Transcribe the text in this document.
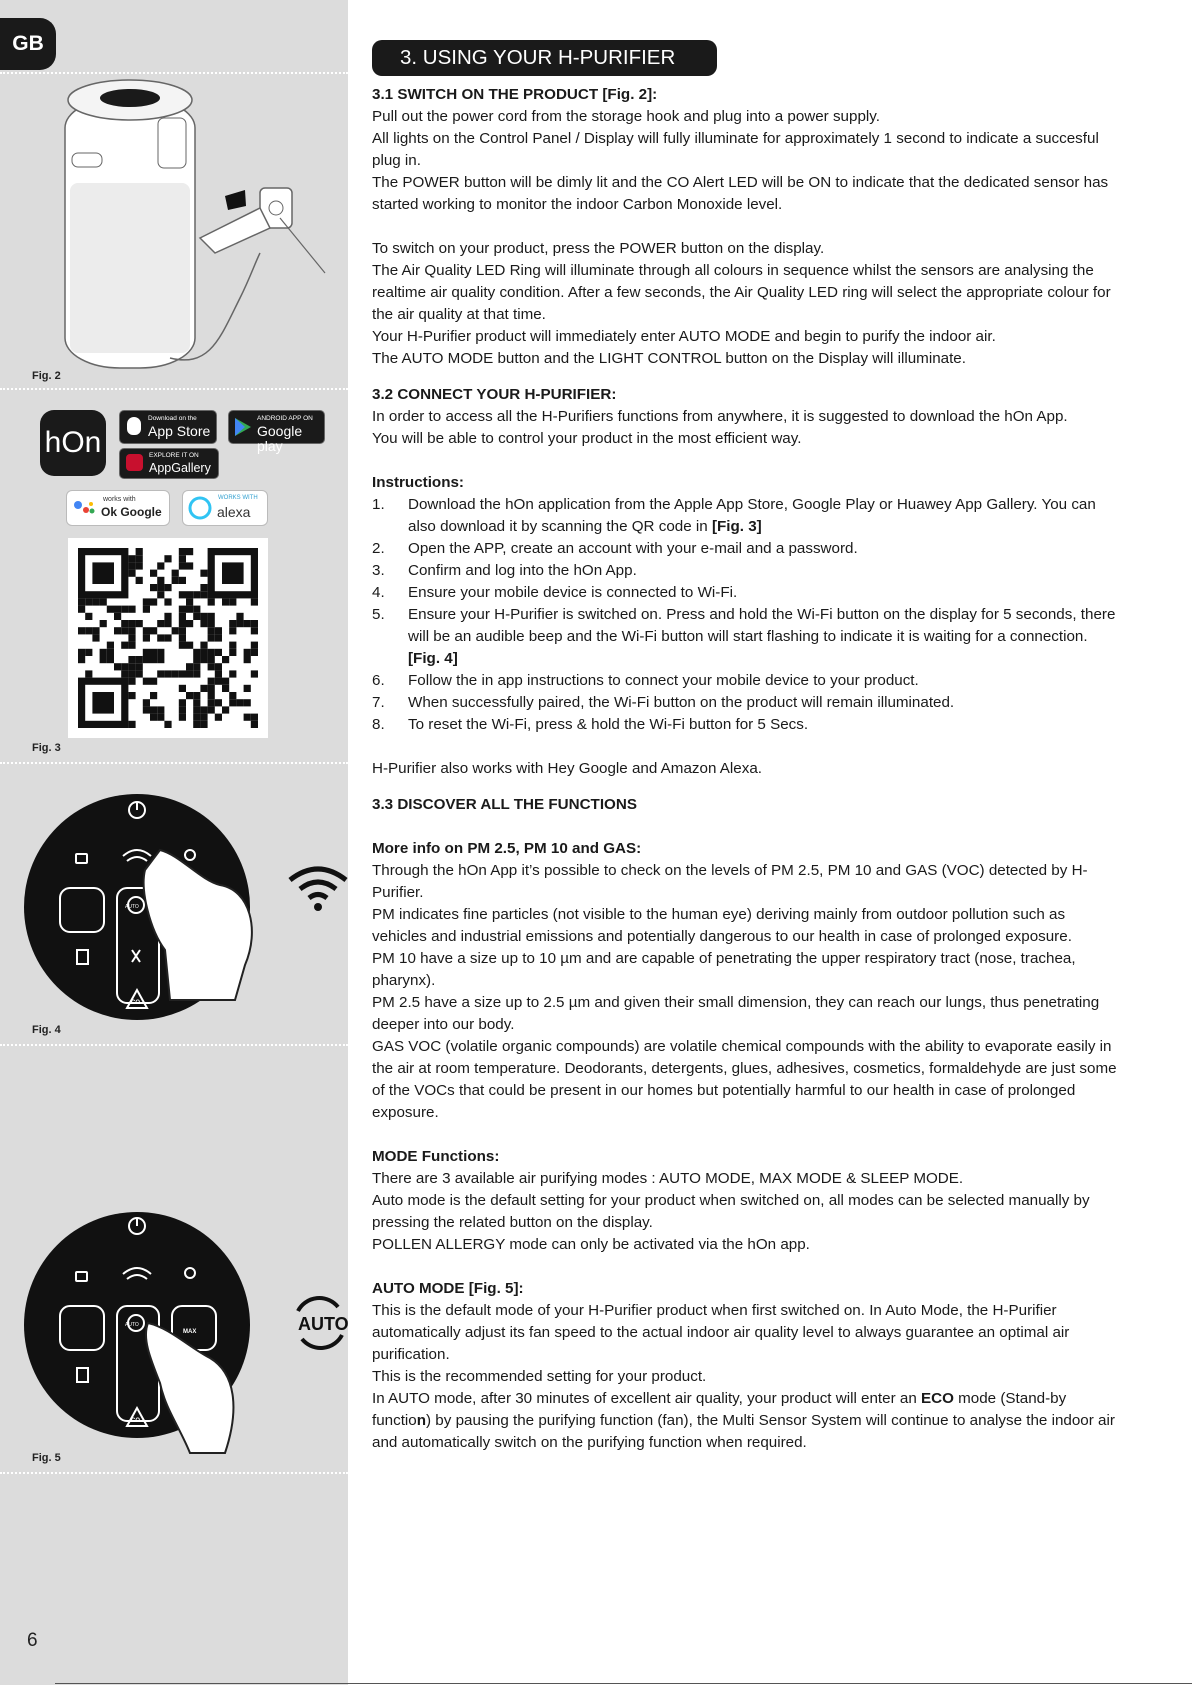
GB
Fig. 2
hOn
Download on the
App Store
ANDROID APP ON
Google play
EXPLORE IT ON
AppGallery
works with
Ok Google
WORKS WITH
alexa
Fig. 3
AUTO
CO
Fig. 4
AUTO
MAX
CO
AUTO
Fig. 5
6
3. USING YOUR H-PURIFIER

3.1 SWITCH ON THE PRODUCT [Fig. 2]:

Pull out the power cord from the storage hook and plug into a power supply.

All lights on the Control Panel / Display will fully illuminate for approximately 1 second to indicate a succesful plug in.

The POWER button will be dimly lit and the CO Alert LED will be ON to indicate that the dedicated sensor has started working to monitor the indoor Carbon Monoxide level.

To switch on your product, press the POWER button on the display.

The Air Quality LED Ring will illuminate through all colours in sequence whilst the sensors are analysing the realtime air quality condition. After a few seconds, the Air Quality LED ring will select the appropriate colour for the air quality at that time.

Your H-Purifier product will immediately enter AUTO MODE and begin to purify the indoor air.

The AUTO MODE button and the LIGHT CONTROL button on the Display will illuminate.

3.2 CONNECT YOUR H-PURIFIER:

In order to access all the H-Purifiers functions from anywhere, it is suggested to download the hOn App.

You will be able to control your product in the most efficient way.

Instructions:

1.	Download the hOn application from the Apple App Store, Google Play or Huawey App Gallery. You can also download it by scanning the QR code in [Fig. 3]
2.	Open the APP, create an account with your e-mail and a password.
3.	Confirm and log into the hOn App.
4.	Ensure your mobile device is connected to Wi-Fi.
5.	Ensure your H-Purifier is switched on. Press and hold the Wi-Fi button on the display for 5 seconds, there will be an audible beep and the Wi-Fi button will start flashing to indicate it is waiting for a connection. [Fig. 4]
6.	Follow the in app instructions to connect your mobile device to your product.
7.	When successfully paired, the Wi-Fi button on the product will remain illuminated.
8.	To reset the Wi-Fi, press & hold the Wi-Fi button for 5 Secs.

H-Purifier also works with Hey Google and Amazon Alexa.

3.3 DISCOVER ALL THE FUNCTIONS

More info on PM 2.5, PM 10 and GAS:

Through the hOn App it’s possible to check on the levels of PM 2.5, PM 10 and GAS (VOC) detected by H-Purifier.

PM indicates fine particles (not visible to the human eye) deriving mainly from outdoor pollution such as vehicles and industrial emissions and potentially dangerous to our health in case of prolonged exposure.

PM 10 have a size up to 10 µm and are capable of penetrating the upper respiratory tract (nose, trachea, pharynx).

PM 2.5 have a size up to 2.5 µm and given their small dimension, they can reach our lungs, thus penetrating deeper into our body.

GAS VOC (volatile organic compounds) are volatile chemical compounds with the ability to evaporate easily in the air at room temperature. Deodorants, detergents, glues, adhesives, cosmetics, formaldehyde are just some of the VOCs that could be present in our homes but potentially harmful to our health in case of prolonged exposure.

MODE Functions:

There are 3 available air purifying modes : AUTO MODE, MAX MODE & SLEEP MODE.

Auto mode is the default setting for your product when switched on, all modes can be selected manually by pressing the related button on the display.

POLLEN ALLERGY mode can only be activated via the hOn app.

AUTO MODE [Fig. 5]:

This is the default mode of your H-Purifier product when first switched on. In Auto Mode, the H-Purifier automatically adjust its fan speed to the actual indoor air quality level to always guarantee an optimal air purification.

This is the recommended setting for your product.

In AUTO mode, after 30 minutes of excellent air quality, your product will enter an ECO mode (Stand-by function) by pausing the purifying function (fan), the Multi Sensor System will continue to analyse the indoor air and automatically switch on the purifying function when required.
